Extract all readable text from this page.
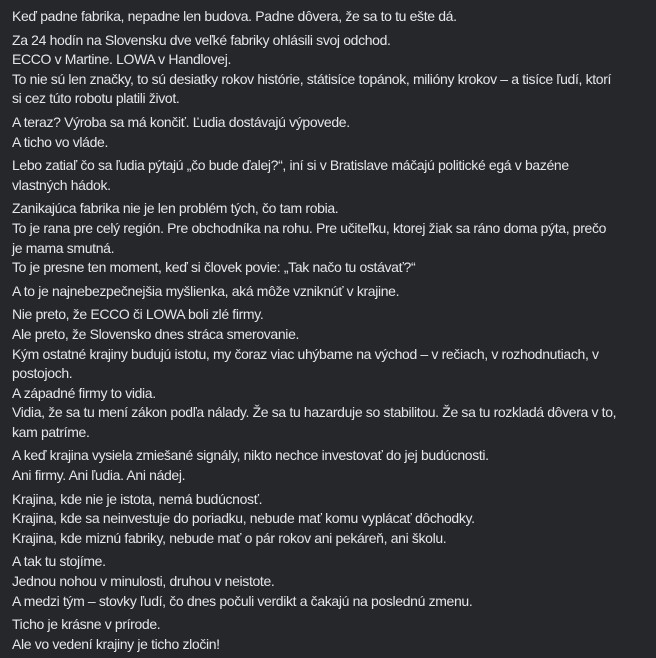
Keď padne fabrika, nepadne len budova. Padne dôvera, že sa to tu ešte dá.
Za 24 hodín na Slovensku dve veľké fabriky ohlásili svoj odchod.
ECCO v Martine. LOWA v Handlovej.
To nie sú len značky, to sú desiatky rokov histórie, státisíce topánok, milióny krokov – a tisíce ľudí, ktorí
si cez túto robotu platili život.
A teraz? Výroba sa má končiť. Ľudia dostávajú výpovede.
A ticho vo vláde.
Lebo zatiaľ čo sa ľudia pýtajú „čo bude ďalej?“, iní si v Bratislave máčajú politické egá v bazéne
vlastných hádok.
Zanikajúca fabrika nie je len problém tých, čo tam robia.
To je rana pre celý región. Pre obchodníka na rohu. Pre učiteľku, ktorej žiak sa ráno doma pýta, prečo
je mama smutná.
To je presne ten moment, keď si človek povie: „Tak načo tu ostávať?“
A to je najnebezpečnejšia myšlienka, aká môže vzniknúť v krajine.
Nie preto, že ECCO či LOWA boli zlé firmy.
Ale preto, že Slovensko dnes stráca smerovanie.
Kým ostatné krajiny budujú istotu, my čoraz viac uhýbame na východ – v rečiach, v rozhodnutiach, v
postojoch.
A západné firmy to vidia.
Vidia, že sa tu mení zákon podľa nálady. Že sa tu hazarduje so stabilitou. Že sa tu rozkladá dôvera v to,
kam patríme.
A keď krajina vysiela zmiešané signály, nikto nechce investovať do jej budúcnosti.
Ani firmy. Ani ľudia. Ani nádej.
Krajina, kde nie je istota, nemá budúcnosť.
Krajina, kde sa neinvestuje do poriadku, nebude mať komu vyplácať dôchodky.
Krajina, kde miznú fabriky, nebude mať o pár rokov ani pekáreň, ani školu.
A tak tu stojíme.
Jednou nohou v minulosti, druhou v neistote.
A medzi tým – stovky ľudí, čo dnes počuli verdikt a čakajú na poslednú zmenu.
Ticho je krásne v prírode.
Ale vo vedení krajiny je ticho zločin!
